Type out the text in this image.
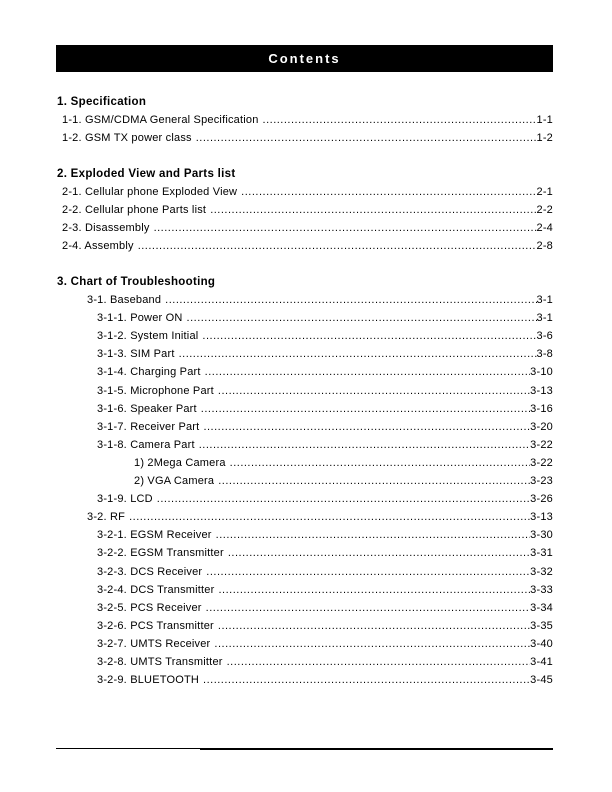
Contents
1. Specification
1-1. GSM/CDMA General Specification .....	1-1
1-2. GSM TX power class .....	1-2
2. Exploded View and Parts list
2-1. Cellular phone Exploded View .....	2-1
2-2. Cellular phone Parts list .....	2-2
2-3. Disassembly .....	2-4
2-4. Assembly .....	2-8
3. Chart of Troubleshooting
3-1. Baseband .....	3-1
3-1-1. Power ON .....	3-1
3-1-2. System Initial .....	3-6
3-1-3. SIM Part .....	3-8
3-1-4. Charging Part .....	3-10
3-1-5. Microphone Part .....	3-13
3-1-6. Speaker Part .....	3-16
3-1-7. Receiver Part .....	3-20
3-1-8. Camera Part .....	3-22
1) 2Mega Camera .....	3-22
2) VGA Camera .....	3-23
3-1-9. LCD .....	3-26
3-2. RF .....	3-13
3-2-1. EGSM Receiver .....	3-30
3-2-2. EGSM Transmitter .....	3-31
3-2-3. DCS Receiver .....	3-32
3-2-4. DCS Transmitter .....	3-33
3-2-5. PCS Receiver .....	3-34
3-2-6. PCS Transmitter .....	3-35
3-2-7. UMTS Receiver .....	3-40
3-2-8. UMTS Transmitter .....	3-41
3-2-9. BLUETOOTH .....	3-45
